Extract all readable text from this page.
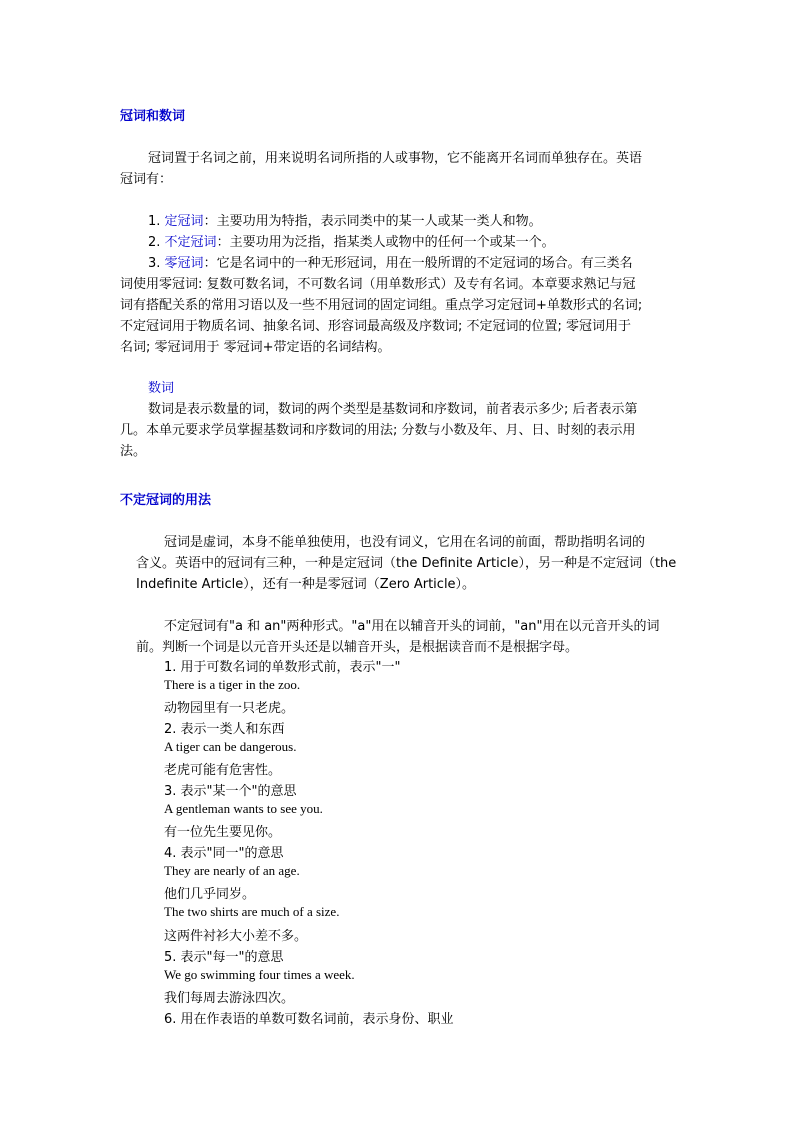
冠词和数词
冠词置于名词之前，用来说明名词所指的人或事物，它不能离开名词而单独存在。英语
冠词有：
1. 定冠词：主要功用为特指，表示同类中的某一人或某一类人和物。
2. 不定冠词：主要功用为泛指，指某类人或物中的任何一个或某一个。
3. 零冠词：它是名词中的一种无形冠词，用在一般所谓的不定冠词的场合。有三类名
词使用零冠词: 复数可数名词，不可数名词（用单数形式）及专有名词。本章要求熟记与冠
词有搭配关系的常用习语以及一些不用冠词的固定词组。重点学习定冠词+单数形式的名词;
不定冠词用于物质名词、抽象名词、形容词最高级及序数词; 不定冠词的位置; 零冠词用于
名词; 零冠词用于 零冠词+带定语的名词结构。
数词
数词是表示数量的词，数词的两个类型是基数词和序数词，前者表示多少; 后者表示第
几。本单元要求学员掌握基数词和序数词的用法; 分数与小数及年、月、日、时刻的表示用
法。
不定冠词的用法
冠词是虚词，本身不能单独使用，也没有词义，它用在名词的前面，帮助指明名词的
含义。英语中的冠词有三种，一种是定冠词（the Definite Article），另一种是不定冠词（the
Indefinite Article），还有一种是零冠词（Zero Article）。
不定冠词有"a 和 an"两种形式。"a"用在以辅音开头的词前，"an"用在以元音开头的词
前。判断一个词是以元音开头还是以辅音开头，是根据读音而不是根据字母。
1. 用于可数名词的单数形式前，表示"一"
There is a tiger in the zoo.
动物园里有一只老虎。
2. 表示一类人和东西
A tiger can be dangerous.
老虎可能有危害性。
3. 表示"某一个"的意思
A gentleman wants to see you.
有一位先生要见你。
4. 表示"同一"的意思
They are nearly of an age.
他们几乎同岁。
The two shirts are much of a size.
这两件衬衫大小差不多。
5. 表示"每一"的意思
We go swimming four times a week.
我们每周去游泳四次。
6. 用在作表语的单数可数名词前，表示身份、职业
